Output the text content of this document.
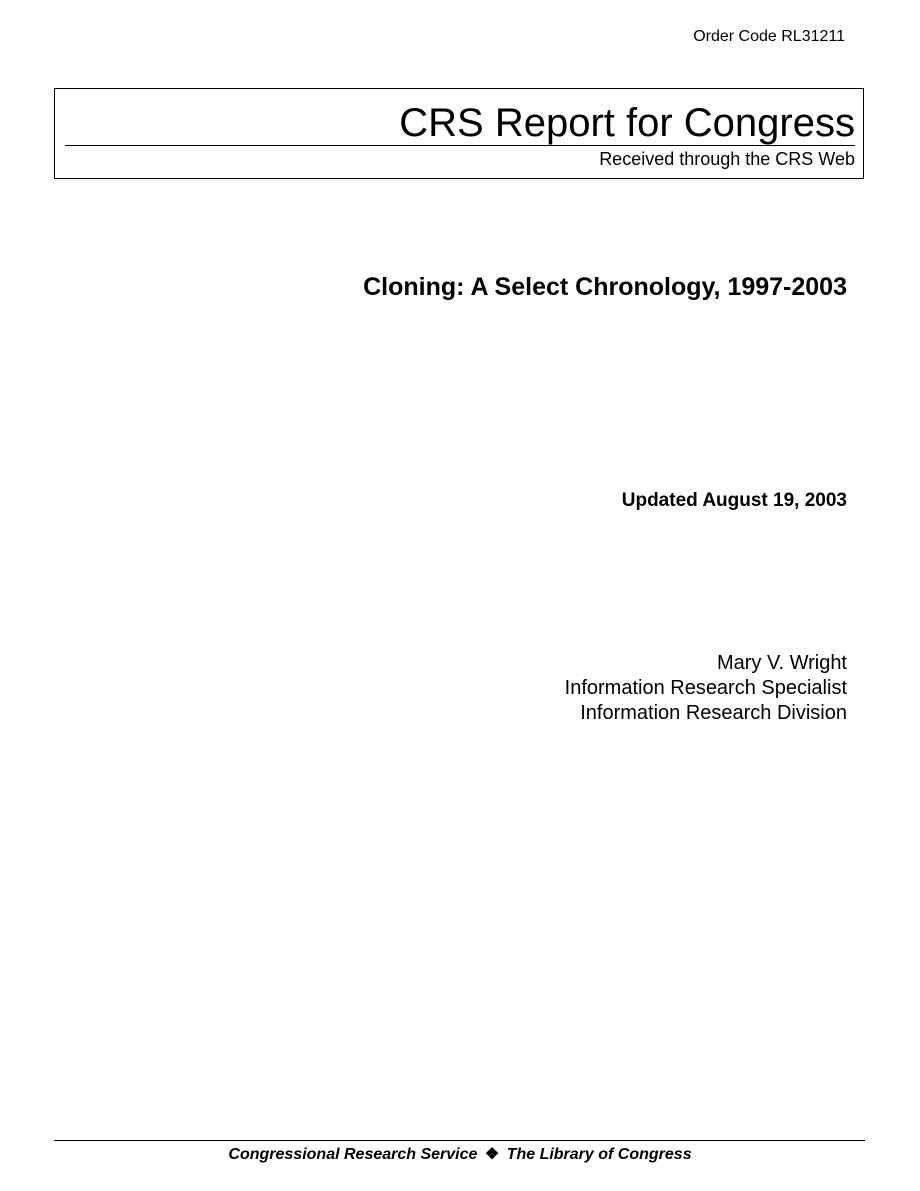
Order Code RL31211
CRS Report for Congress
Received through the CRS Web
Cloning: A Select Chronology, 1997-2003
Updated August 19, 2003
Mary V. Wright
Information Research Specialist
Information Research Division
Congressional Research Service ❖ The Library of Congress
